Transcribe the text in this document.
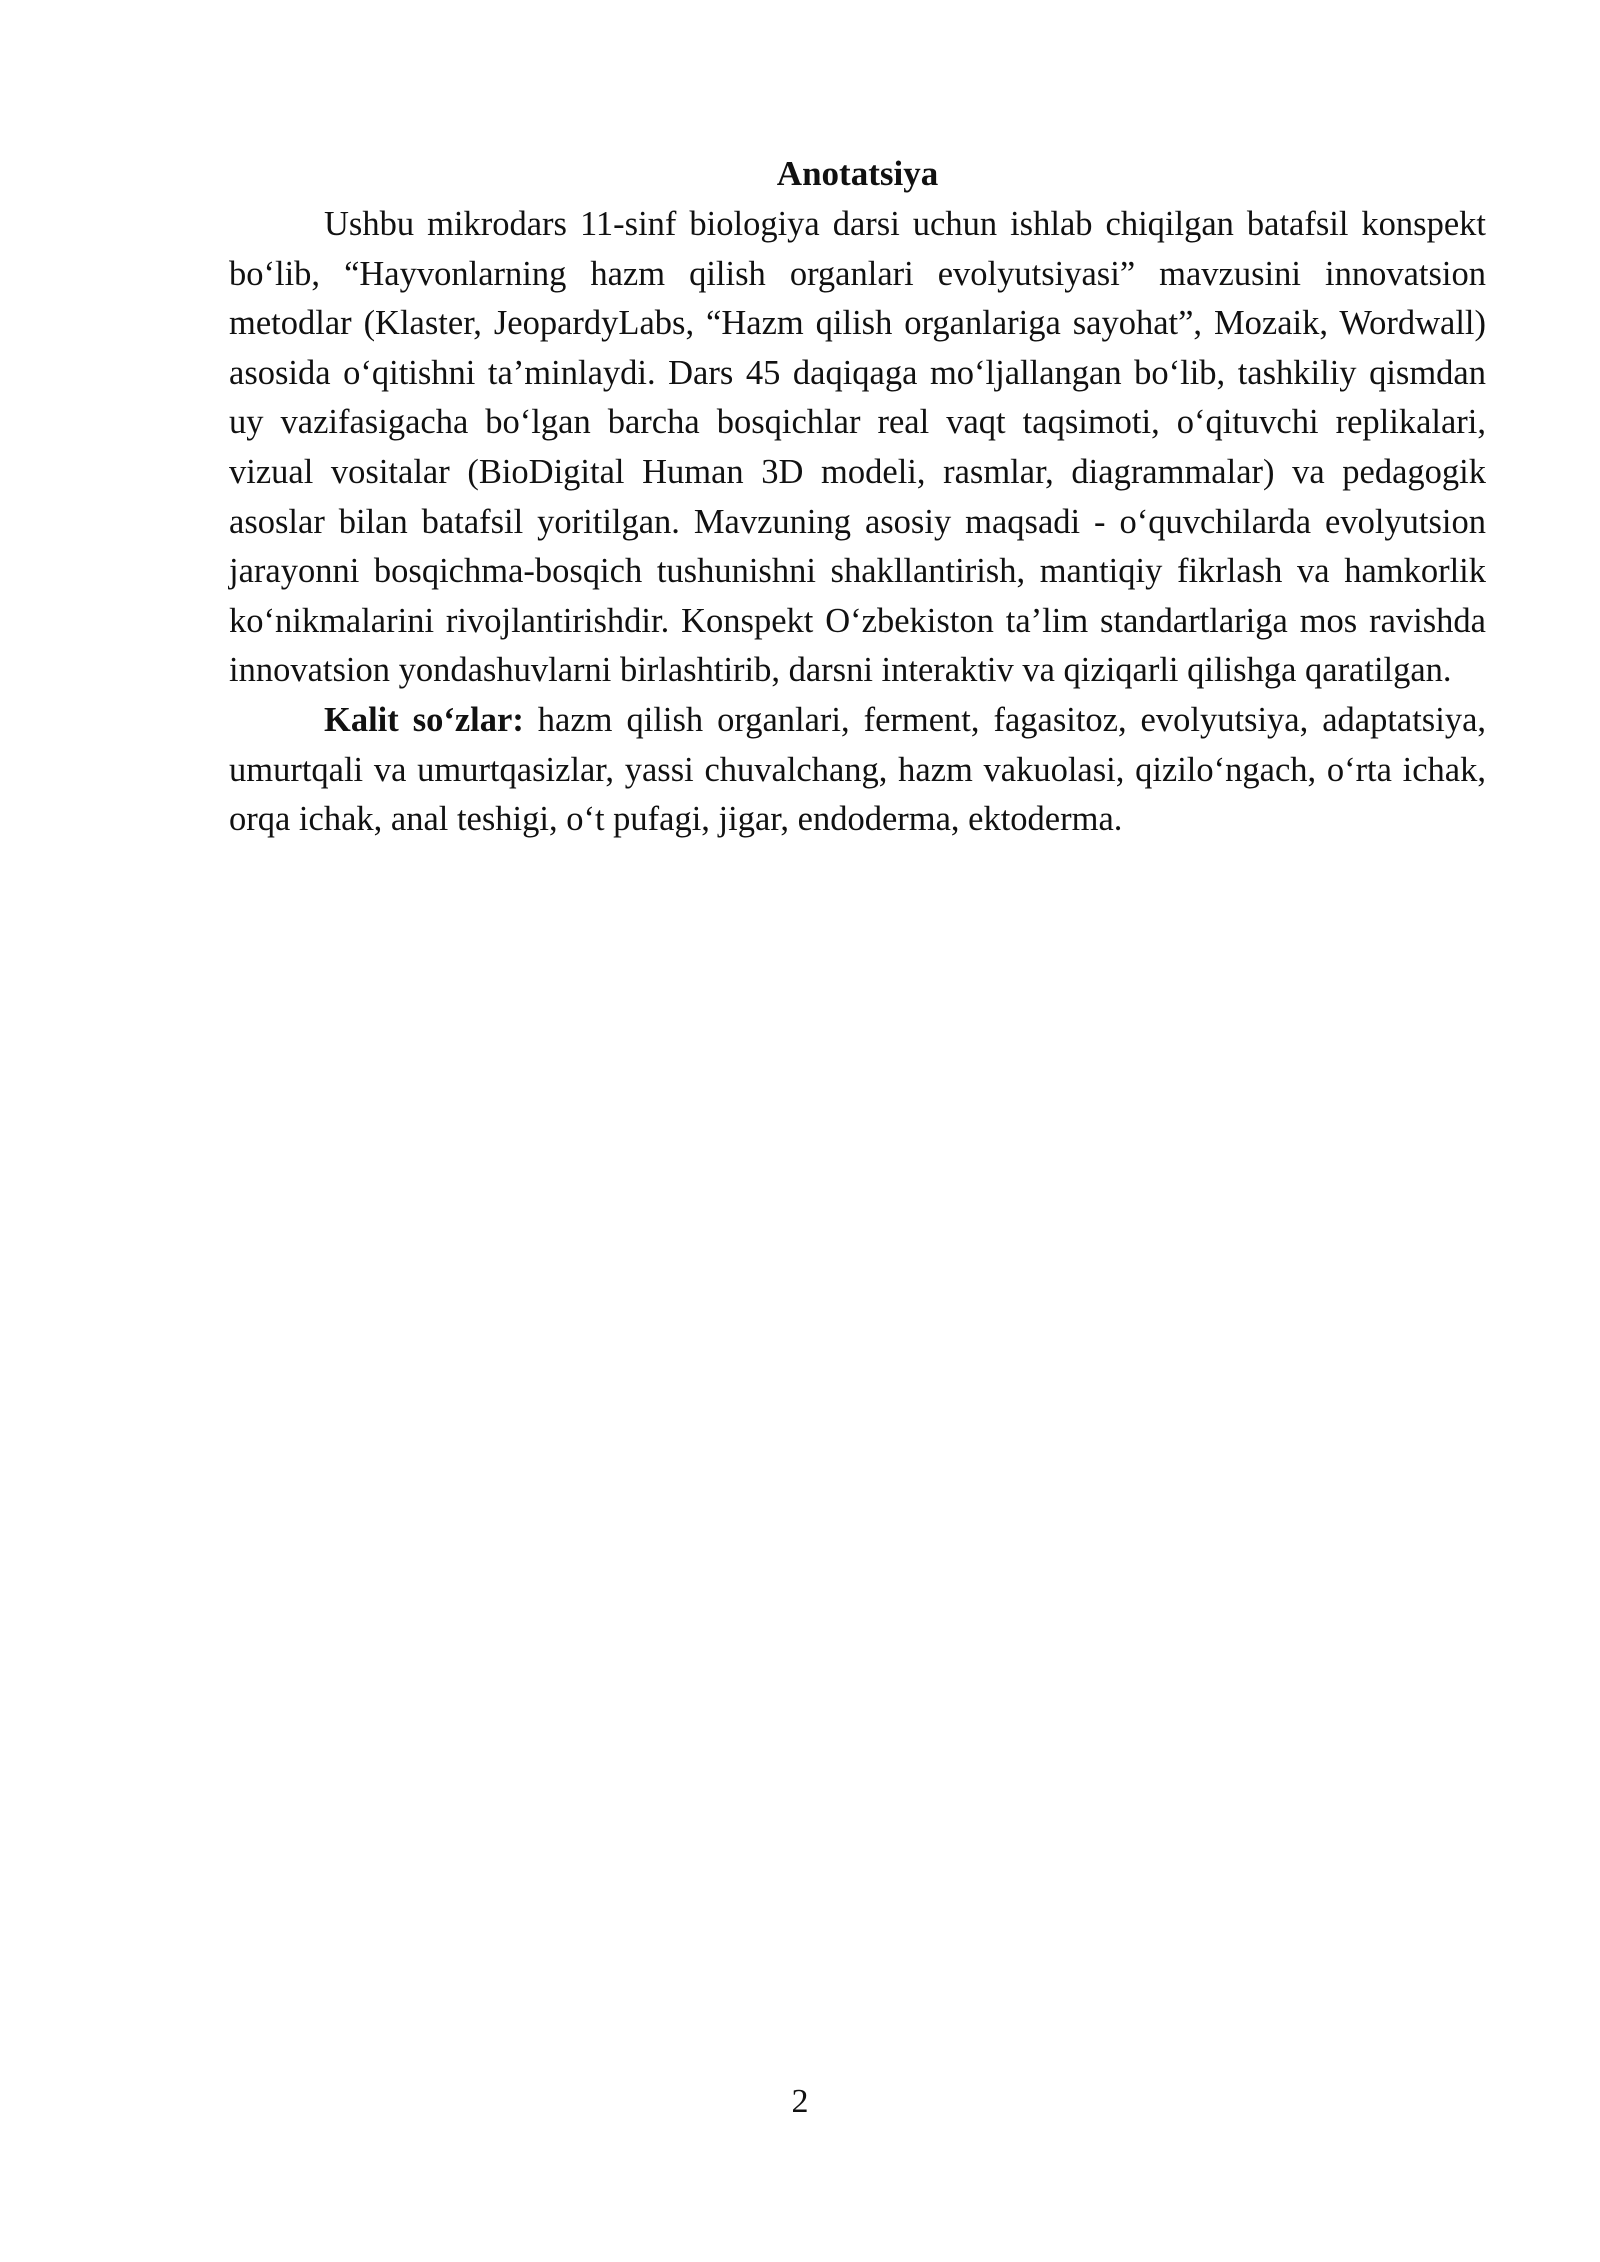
Anotatsiya

Ushbu mikrodars 11-sinf biologiya darsi uchun ishlab chiqilgan batafsil konspekt bo‘lib, “Hayvonlarning hazm qilish organlari evolyutsiyasi” mavzusini innovatsion metodlar (Klaster, JeopardyLabs, “Hazm qilish organlariga sayohat”, Mozaik, Wordwall) asosida o‘qitishni ta’minlaydi. Dars 45 daqiqaga mo‘ljallangan bo‘lib, tashkiliy qismdan uy vazifasigacha bo‘lgan barcha bosqichlar real vaqt taqsimoti, o‘qituvchi replikalari, vizual vositalar (BioDigital Human 3D modeli, rasmlar, diagrammalar) va pedagogik asoslar bilan batafsil yoritilgan. Mavzuning asosiy maqsadi - o‘quvchilarda evolyutsion jarayonni bosqichma-bosqich tushunishni shakllantirish, mantiqiy fikrlash va hamkorlik ko‘nikmalarini rivojlantirishdir. Konspekt O‘zbekiston ta’lim standartlariga mos ravishda innovatsion yondashuvlarni birlashtirib, darsni interaktiv va qiziqarli qilishga qaratilgan.

Kalit so‘zlar: hazm qilish organlari, ferment, fagasitoz, evolyutsiya, adaptatsiya, umurtqali va umurtqasizlar, yassi chuvalchang, hazm vakuolasi, qizilo‘ngach, o‘rta ichak, orqa ichak, anal teshigi, o‘t pufagi, jigar, endoderma, ektoderma.

2
